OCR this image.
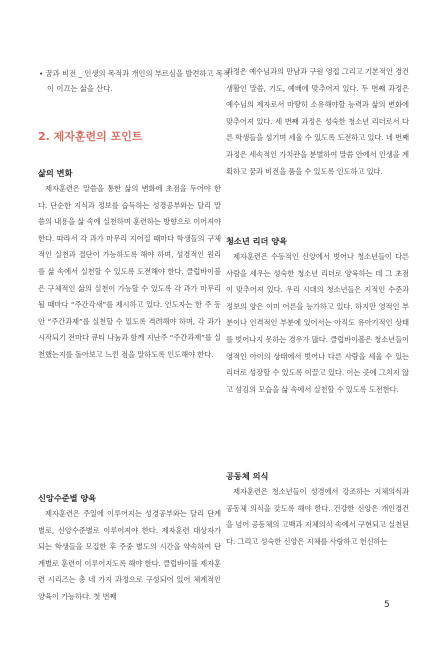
• 꿈과 비전 _ 인생의 목적과 개인의 부르심을 발견하고 목적이 이끄는 삶을 산다.

2. 제자훈련의 포인트

삶의 변화

제자훈련은 말씀을 통한 삶의 변화에 초점을 두어야 한다. 단순한 지식과 정보를 습득하는 성경공부와는 달리 말씀의 내용을 삶 속에 실천하며 훈련하는 방향으로 이어져야 한다. 따라서 각 과가 마무리 지어질 때마다 학생들의 구체적인 실천과 결단이 가능하도록 해야 하며, 성경적인 원리를 삶 속에서 실천할 수 있도록 도전해야 한다. 클럽바이블은 구체적인 삶의 실천이 가능할 수 있도록 각 과가 마무리 될 때마다 “주간각새”를 제시하고 있다. 인도자는 한 주 동안 “주간과제”를 실천할 수 있도록 격려해야 하며, 각 과가 시작되기 전마다 큐티 나눔과 함께 지난주 “주간과제”를 실천했는지를 돌아보고 느낀 점을 말하도록 인도해야 한다.

신앙수준별 양육

제자훈련은 주일에 이루어지는 성경공부와는 달리 단계별로, 신앙수준별로 이루어져야 한다. 제자훈련 대상자가 되는 학생들을 모집한 후 주중 별도의 시간을 약속하여 단계별로 훈련이 이루어지도록 해야 한다. 클럽바이블 제자훈련 시리즈는 총 네 가지 과정으로 구성되어 있어 체계적인 양육이 가능하다. 첫 번째

과정은 예수님과의 만남과 구원 영접 그리고 기본적인 경건 생활인 말씀, 기도, 예배에 맞추어져 있다. 두 번째 과정은 예수님의 제자로서 마땅히 소유해야할 능력과 삶의 변화에 맞추어져 있다. 세 번째 과정은 성숙한 청소년 리더로서 다른 학생들을 섬기며 세울 수 있도록 도전하고 있다. 네 번째 과정은 세속적인 가치관을 분별하여 말씀 안에서 인생을 계획하고 꿈과 비전을 품을 수 있도록 인도하고 있다.

청소년 리더 양육

제자훈련은 수동적인 신앙에서 벗어나 청소년들이 다른 사람을 세우는 성숙한 청소년 리더로 양육하는 데 그 초점이 맞추어져 있다. 우리 시대의 청소년들은 지적인 수준과 정보의 양은 이미 어른을 능가하고 있다. 하지만 영적인 부분이나 인격적인 부분에 있어서는 아직도 유아기적인 상태를 벗어나지 못하는 경우가 많다. 클럽바이블은 청소년들이 영적인 아이의 상태에서 벗어나 다른 사람을 세울 수 있는 리더로 성장할 수 있도록 이끌고 있다. 이는 곳에 그치지 않고 섬김의 모습을 삶 속에서 실천할 수 있도록 도전한다.

공동체 의식

제자훈련은 청소년들이 성경에서 강조하는 지체의식과 공동체 의식을 갖도록 해야 한다. 건강한 신앙은 개인경건을 넘어 공동체의 고백과 지체의식 속에서 구현되고 실천된다. 그리고 성숙한 신앙은 지체를 사랑하고 헌신하는

5
